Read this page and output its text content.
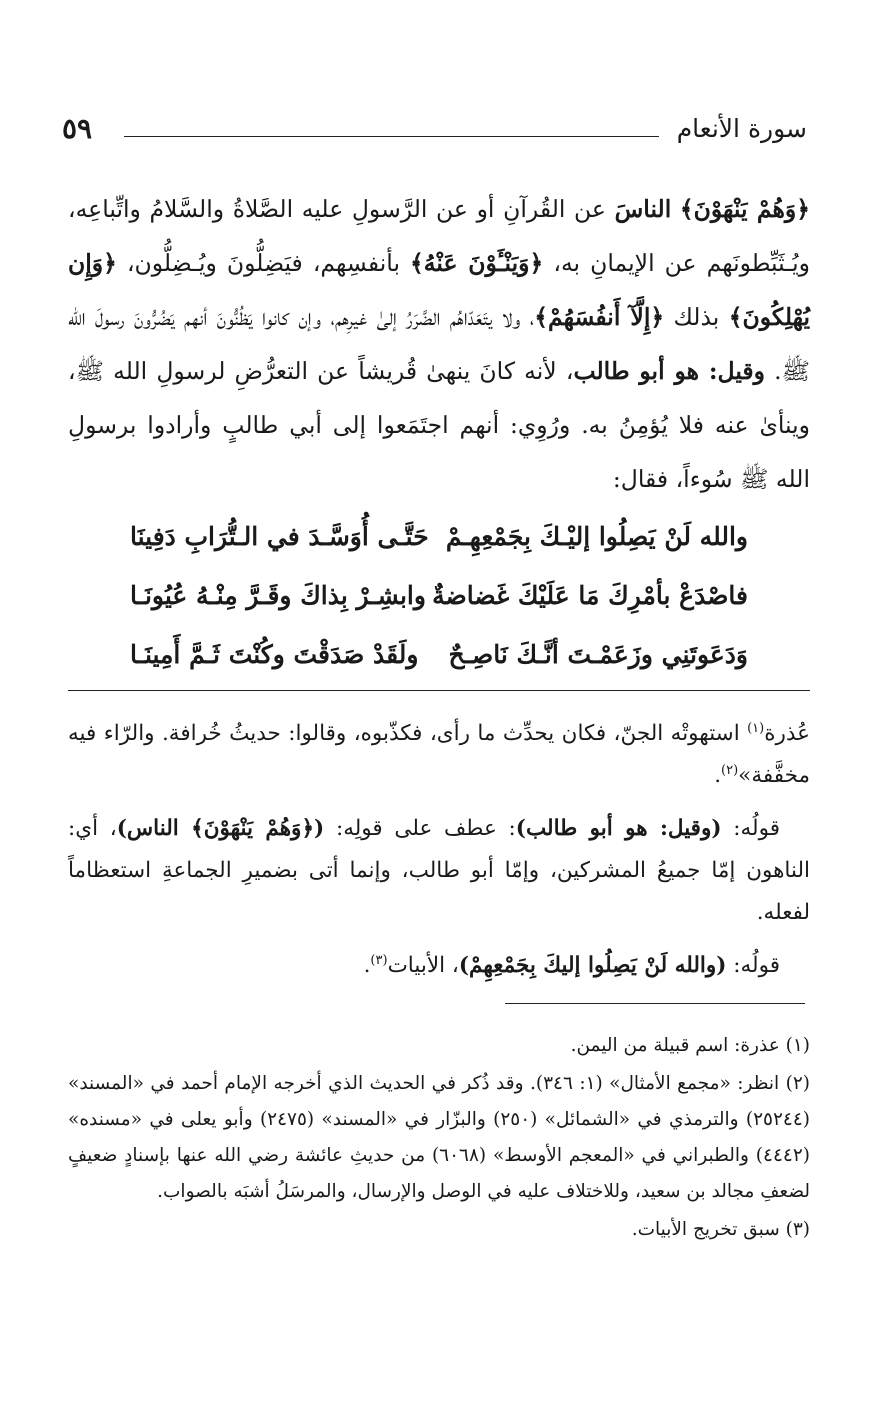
سورة الأنعام
٥٩

﴿وَهُمْ يَنْهَوْنَ﴾ الناسَ عن القُرآنِ أو عن الرَّسولِ عليه الصَّلاةُ والسَّلامُ واتِّباعِه، ويُـثَبِّطونَهم عن الإيمانِ به، ﴿وَيَنْـَٔوْنَ عَنْهُ﴾ بأنفسِهم، فيَضِلُّونَ ويُـضِلُّون، ﴿وَإِن يُهْلِكُونَ﴾ بذلك ﴿إِلَّآ أَنفُسَهُمْ﴾، ولا يتَعَدّاهُم الضَّرَرُ إلىٰ غيرِهم، وإن كانوا يَظُنُّونَ أنهم يَضُرُّونَ رسولَ الله ﷺ. وقيل: هو أبو طالب، لأنه كانَ ينهىٰ قُريشاً عن التعرُّضِ لرسولِ الله ﷺ، وينأىٰ عنه فلا يُؤمِنُ به. ورُوِي: أنهم اجتَمَعوا إلى أبي طالبٍ وأرادوا برسولِ الله ﷺ سُوءاً، فقال:

والله لَنْ يَصِلُوا إليْـكَ بِجَمْعِهِـمْ
حَتَّـى أُوَسَّـدَ في الـتُّرَابِ دَفِينَا
فاصْدَعْ بأمْرِكَ مَا عَلَيْكَ غَضاضةٌ
وابشِـرْ بِذاكَ وقَـرَّ مِنْـهُ عُيُونَـا
وَدَعَوتَنِي وزَعَمْـتَ أنَّـكَ نَاصِـحٌ
ولَقَدْ صَدَقْتَ وكُنْتَ ثَـمَّ أَمِينَـا

عُذرة$^{(١)}$ استهوتْه الجنّ، فكان يحدِّث ما رأى، فكذّبوه، وقالوا: حديثُ خُرافة. والرّاء فيه مخفَّفة»$^{(٢)}$.

قولُه: (وقيل: هو أبو طالب): عطف على قولِه: (﴿وَهُمْ يَنْهَوْنَ﴾ الناس)، أي: الناهون إمّا جميعُ المشركين، وإمّا أبو طالب، وإنما أتى بضميرِ الجماعةِ استعظاماً لفعله.

قولُه: (والله لَنْ يَصِلُوا إليكَ بِجَمْعِهِمْ)، الأبيات$^{(٣)}$.

(١) عذرة: اسم قبيلة من اليمن.

(٢) انظر: «مجمع الأمثال» (١: ٣٤٦). وقد ذُكر في الحديث الذي أخرجه الإمام أحمد في «المسند» (٢٥٢٤٤) والترمذي في «الشمائل» (٢٥٠) والبزّار في «المسند» (٢٤٧٥) وأبو يعلى في «مسنده» (٤٤٤٢) والطبراني في «المعجم الأوسط» (٦٠٦٨) من حديثِ عائشة رضي الله عنها بإسنادٍ ضعيفٍ لضعفِ مجالد بن سعيد، وللاختلاف عليه في الوصل والإرسال، والمرسَلُ أشبَه بالصواب.

(٣) سبق تخريج الأبيات.
